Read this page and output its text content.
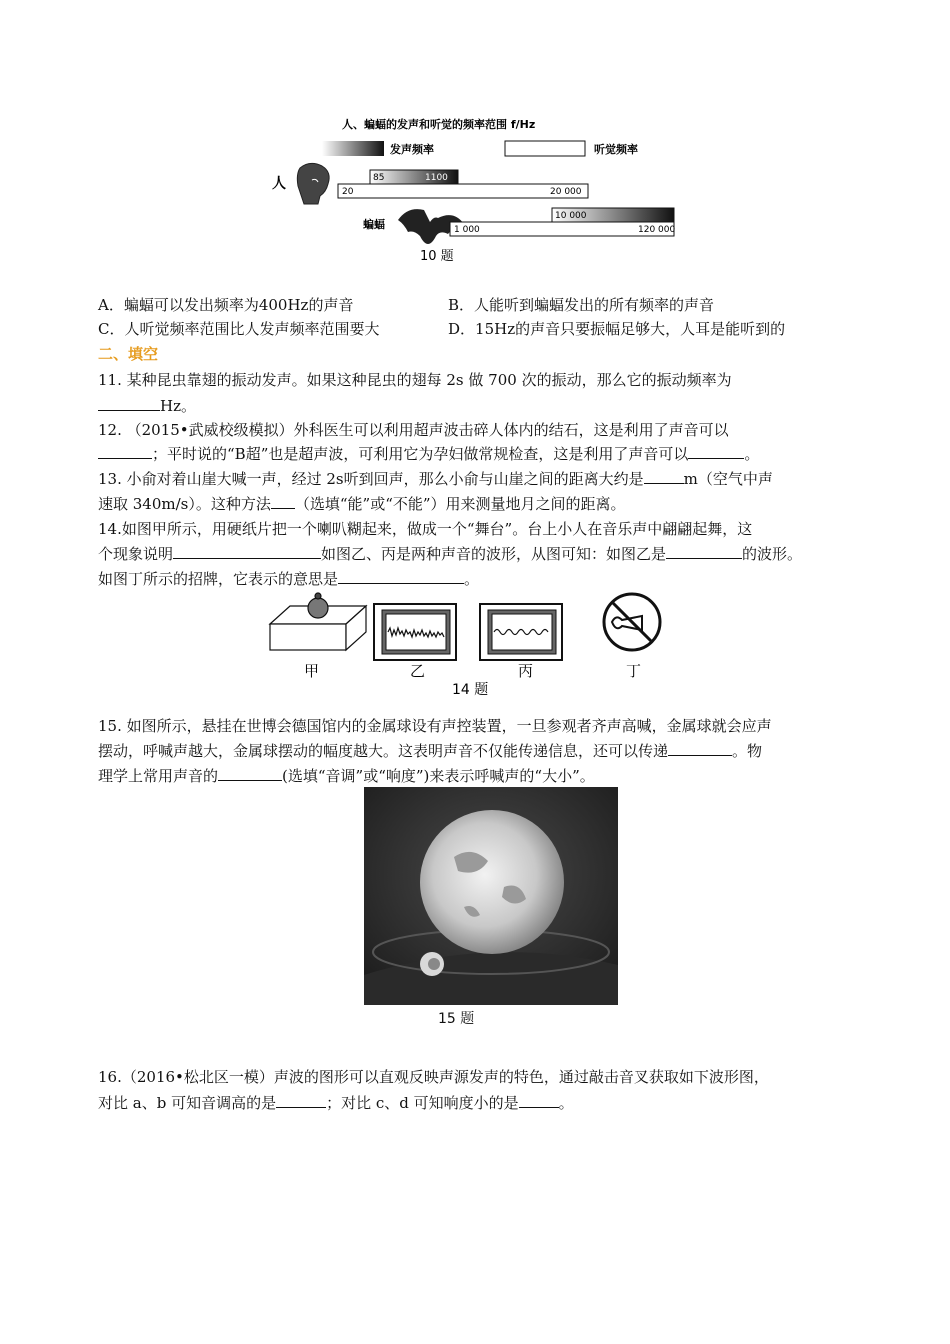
人、蝙蝠的发声和听觉的频率范围 f/Hz
发声频率	听觉频率
人	85	1100
20	20 000
蝙蝠
10 000
1 000	120 000
10 题
A．蝙蝠可以发出频率为400Hz的声音	B．人能听到蝙蝠发出的所有频率的声音
C．人听觉频率范围比人发声频率范围要大	D．15Hz的声音只要振幅足够大，人耳是能听到的
二、填空
11. 某种昆虫靠翅的振动发声。如果这种昆虫的翅每 2s 做 700 次的振动，那么它的振动频率为
Hz。
12. （2015•武威校级模拟）外科医生可以利用超声波击碎人体内的结石，这是利用了声音可以
；平时说的“B超”也是超声波，可利用它为孕妇做常规检查，这是利用了声音可以	。
13. 小俞对着山崖大喊一声，经过 2s听到回声，那么小俞与山崖之间的距离大约是	m（空气中声
速取 340m/s）。这种方法 （选填“能”或“不能”）用来测量地月之间的距离。
14.如图甲所示，用硬纸片把一个喇叭糊起来，做成一个“舞台”。台上小人在音乐声中翩翩起舞，这
个现象说明	如图乙、丙是两种声音的波形，从图可知：如图乙是	的波形。
如图丁所示的招牌，它表示的意思是	。
甲	乙	丙	丁
14 题
15. 如图所示，悬挂在世博会德国馆内的金属球设有声控装置，一旦参观者齐声高喊，金属球就会应声
摆动，呼喊声越大，金属球摆动的幅度越大。这表明声音不仅能传递信息，还可以传递	。物
理学上常用声音的	(选填“音调”或“响度”)来表示呼喊声的“大小”。
15 题
16.（2016•松北区一模）声波的图形可以直观反映声源发声的特色，通过敲击音叉获取如下波形图，
对比 a、b 可知音调高的是	；对比 c、d 可知响度小的是	。
